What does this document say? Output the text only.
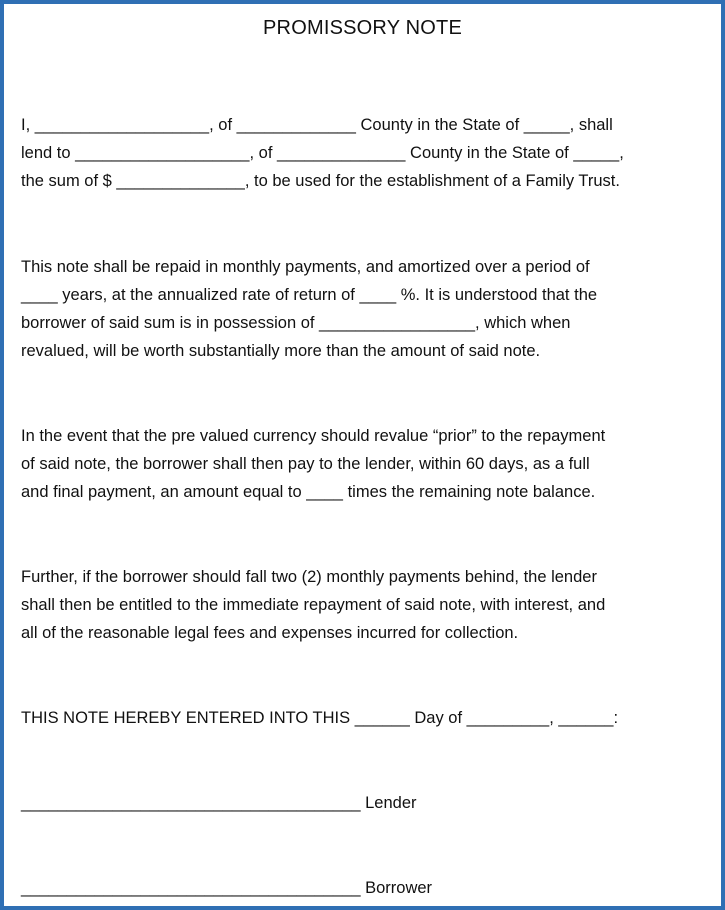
PROMISSORY NOTE
I, ___________________, of _____________ County in the State of _____, shall
lend to ___________________, of ______________ County in the State of _____,
the sum of $ ______________, to be used for the establishment of a Family Trust.
This note shall be repaid in monthly payments, and amortized over a period of
____ years, at the annualized rate of return of ____ %. It is understood that the
borrower of said sum is in possession of _________________, which when
revalued, will be worth substantially more than the amount of said note.
In the event that the pre valued currency should revalue “prior” to the repayment
of said note, the borrower shall then pay to the lender, within 60 days, as a full
and final payment, an amount equal to ____ times the remaining note balance.
Further, if the borrower should fall two (2) monthly payments behind, the lender
shall then be entitled to the immediate repayment of said note, with interest, and
all of the reasonable legal fees and expenses incurred for collection.
THIS NOTE HEREBY ENTERED INTO THIS ______ Day of _________, ______:
_____________________________________ Lender
_____________________________________ Borrower
